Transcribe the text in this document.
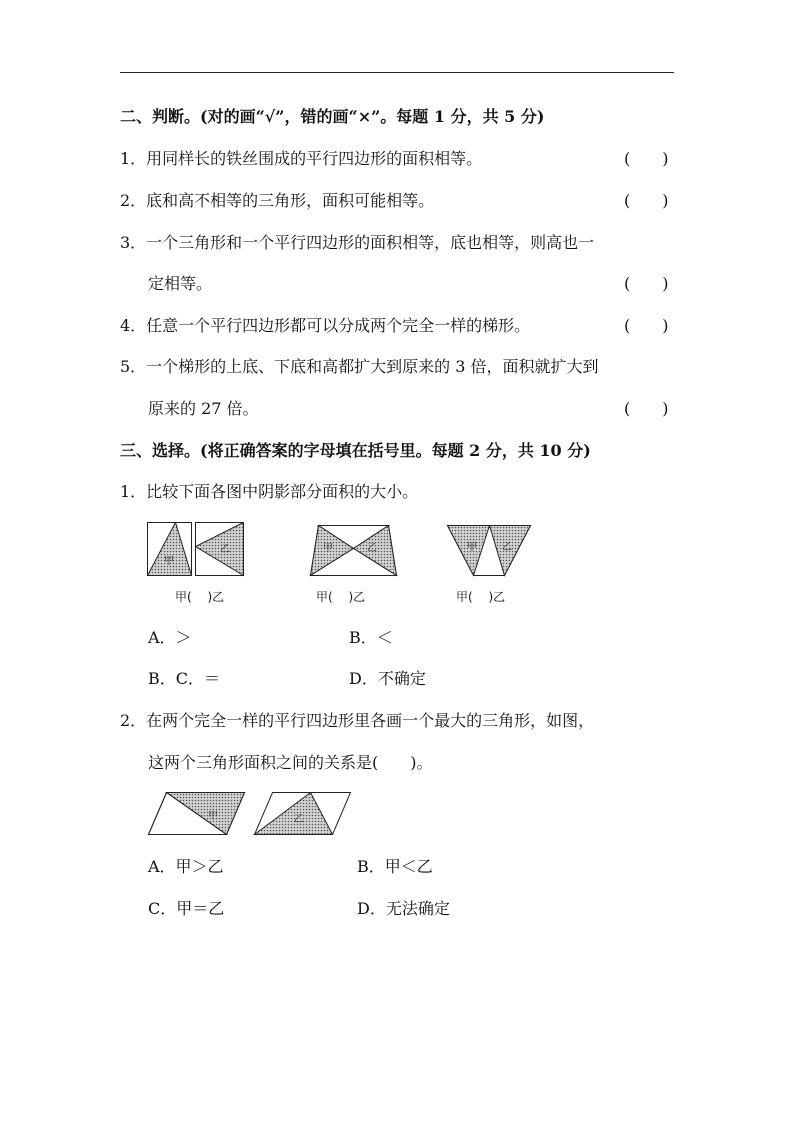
二、判断。(对的画“√”，错的画“×”。每题 1 分，共 5 分)
1．用同样长的铁丝围成的平行四边形的面积相等。	(　　)
2．底和高不相等的三角形，面积可能相等。	(　　)
3．一个三角形和一个平行四边形的面积相等，底也相等，则高也一
定相等。	(　　)
4．任意一个平行四边形都可以分成两个完全一样的梯形。	(　　)
5．一个梯形的上底、下底和高都扩大到原来的 3 倍，面积就扩大到
原来的 27 倍。	(　　)
三、选择。(将正确答案的字母填在括号里。每题 2 分，共 10 分)
1．比较下面各图中阴影部分面积的大小。
甲
乙
甲(　 )乙
甲	乙
甲(　 )乙
甲	乙
甲(　 )乙
A．＞	B．＜
B．C．＝	D．不确定
2．在两个完全一样的平行四边形里各画一个最大的三角形，如图，
这两个三角形面积之间的关系是(　　)。
甲	乙
A．甲＞乙	B．甲＜乙
C．甲＝乙	D．无法确定
